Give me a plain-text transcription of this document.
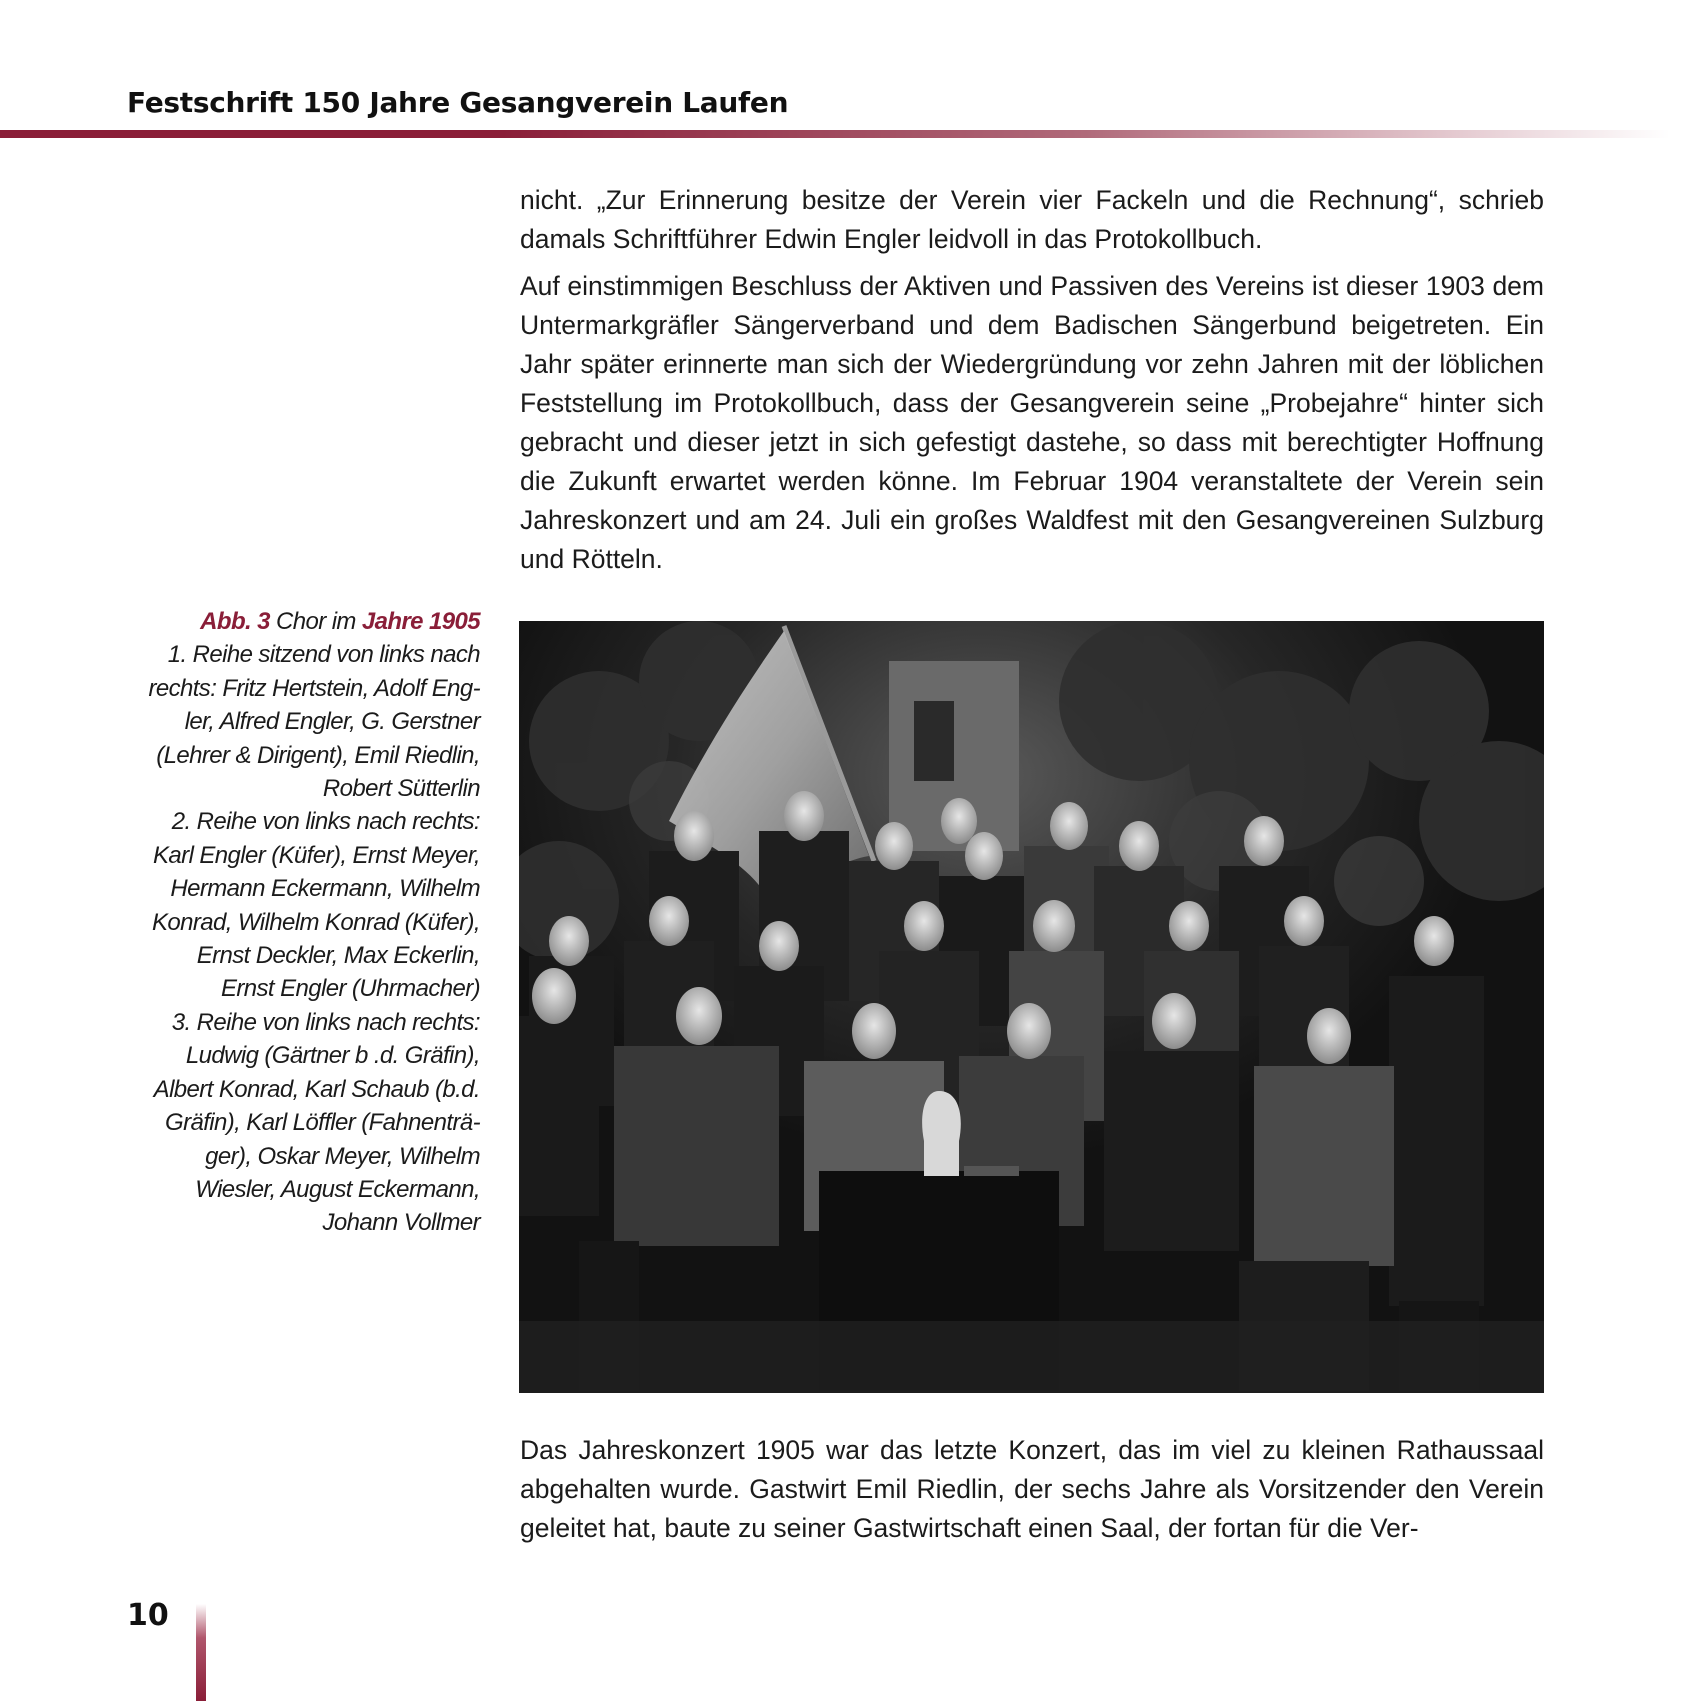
Festschrift 150 Jahre Gesangverein Laufen

nicht. „Zur Erinnerung besitze der Verein vier Fackeln und die Rechnung“, schrieb damals Schriftführer Edwin Engler leidvoll in das Protokollbuch.

Auf einstimmigen Beschluss der Aktiven und Passiven des Vereins ist dieser 1903 dem Untermarkgräfler Sängerverband und dem Badischen Sängerbund beigetreten. Ein Jahr später erinnerte man sich der Wiedergründung vor zehn Jahren mit der löblichen Feststellung im Protokollbuch, dass der Gesangverein seine „Probejahre“ hinter sich gebracht und dieser jetzt in sich gefestigt dastehe, so dass mit berechtigter Hoffnung die Zukunft erwartet werden könne. Im Februar 1904 veranstaltete der Verein sein Jahreskonzert und am 24. Juli ein großes Waldfest mit den Gesangvereinen Sulzburg und Rötteln.

Abb. 3 Chor im Jahre 1905
1. Reihe sitzend von links nach
rechts: Fritz Hertstein, Adolf Eng-
ler, Alfred Engler, G. Gerstner
(Lehrer & Dirigent), Emil Riedlin,
Robert Sütterlin
2. Reihe von links nach rechts:
Karl Engler (Küfer), Ernst Meyer,
Hermann Eckermann, Wilhelm
Konrad, Wilhelm Konrad (Küfer),
Ernst Deckler, Max Eckerlin,
Ernst Engler (Uhrmacher)
3. Reihe von links nach rechts:
Ludwig (Gärtner b .d. Gräfin),
Albert Konrad, Karl Schaub (b.d.
Gräfin), Karl Löffler (Fahnenträ-
ger), Oskar Meyer, Wilhelm
Wiesler, August Eckermann,
Johann Vollmer

Das Jahreskonzert 1905 war das letzte Konzert, das im viel zu kleinen Rathaussaal abgehalten wurde. Gastwirt Emil Riedlin, der sechs Jahre als Vorsitzender den Verein geleitet hat, baute zu seiner Gastwirtschaft einen Saal, der fortan für die Ver-

10
